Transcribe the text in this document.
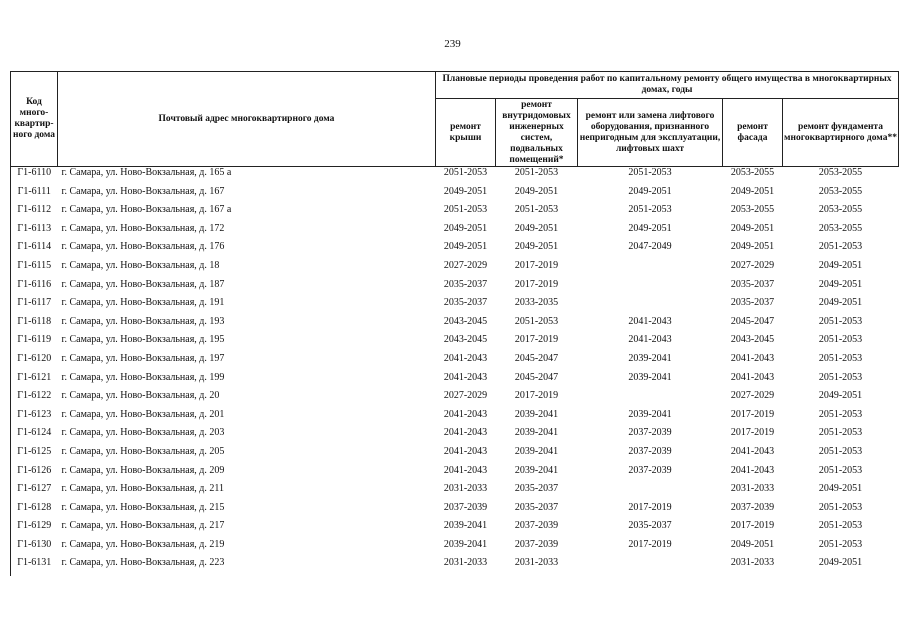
239
Код много-квартир-ного дома	Почтовый адрес многоквартирного дома	Плановые периоды проведения работ по капитальному ремонту общего имущества в многоквартирных домах, годы				
		ремонт крыши	ремонт внутридомовых инженерных систем, подвальных помещений*	ремонт или замена лифтового оборудования, признанного непригодным для эксплуатации, лифтовых шахт	ремонт фасада	ремонт фундамента многоквартирного дома**
Г1-6110	г. Самара, ул. Ново-Вокзальная, д. 165 а	2051-2053	2051-2053	2051-2053	2053-2055	2053-2055
Г1-6111	г. Самара, ул. Ново-Вокзальная, д. 167	2049-2051	2049-2051	2049-2051	2049-2051	2053-2055
Г1-6112	г. Самара, ул. Ново-Вокзальная, д. 167 а	2051-2053	2051-2053	2051-2053	2053-2055	2053-2055
Г1-6113	г. Самара, ул. Ново-Вокзальная, д. 172	2049-2051	2049-2051	2049-2051	2049-2051	2053-2055
Г1-6114	г. Самара, ул. Ново-Вокзальная, д. 176	2049-2051	2049-2051	2047-2049	2049-2051	2051-2053
Г1-6115	г. Самара, ул. Ново-Вокзальная, д. 18	2027-2029	2017-2019		2027-2029	2049-2051
Г1-6116	г. Самара, ул. Ново-Вокзальная, д. 187	2035-2037	2017-2019		2035-2037	2049-2051
Г1-6117	г. Самара, ул. Ново-Вокзальная, д. 191	2035-2037	2033-2035		2035-2037	2049-2051
Г1-6118	г. Самара, ул. Ново-Вокзальная, д. 193	2043-2045	2051-2053	2041-2043	2045-2047	2051-2053
Г1-6119	г. Самара, ул. Ново-Вокзальная, д. 195	2043-2045	2017-2019	2041-2043	2043-2045	2051-2053
Г1-6120	г. Самара, ул. Ново-Вокзальная, д. 197	2041-2043	2045-2047	2039-2041	2041-2043	2051-2053
Г1-6121	г. Самара, ул. Ново-Вокзальная, д. 199	2041-2043	2045-2047	2039-2041	2041-2043	2051-2053
Г1-6122	г. Самара, ул. Ново-Вокзальная, д. 20	2027-2029	2017-2019		2027-2029	2049-2051
Г1-6123	г. Самара, ул. Ново-Вокзальная, д. 201	2041-2043	2039-2041	2039-2041	2017-2019	2051-2053
Г1-6124	г. Самара, ул. Ново-Вокзальная, д. 203	2041-2043	2039-2041	2037-2039	2017-2019	2051-2053
Г1-6125	г. Самара, ул. Ново-Вокзальная, д. 205	2041-2043	2039-2041	2037-2039	2041-2043	2051-2053
Г1-6126	г. Самара, ул. Ново-Вокзальная, д. 209	2041-2043	2039-2041	2037-2039	2041-2043	2051-2053
Г1-6127	г. Самара, ул. Ново-Вокзальная, д. 211	2031-2033	2035-2037		2031-2033	2049-2051
Г1-6128	г. Самара, ул. Ново-Вокзальная, д. 215	2037-2039	2035-2037	2017-2019	2037-2039	2051-2053
Г1-6129	г. Самара, ул. Ново-Вокзальная, д. 217	2039-2041	2037-2039	2035-2037	2017-2019	2051-2053
Г1-6130	г. Самара, ул. Ново-Вокзальная, д. 219	2039-2041	2037-2039	2017-2019	2049-2051	2051-2053
Г1-6131	г. Самара, ул. Ново-Вокзальная, д. 223	2031-2033	2031-2033		2031-2033	2049-2051
